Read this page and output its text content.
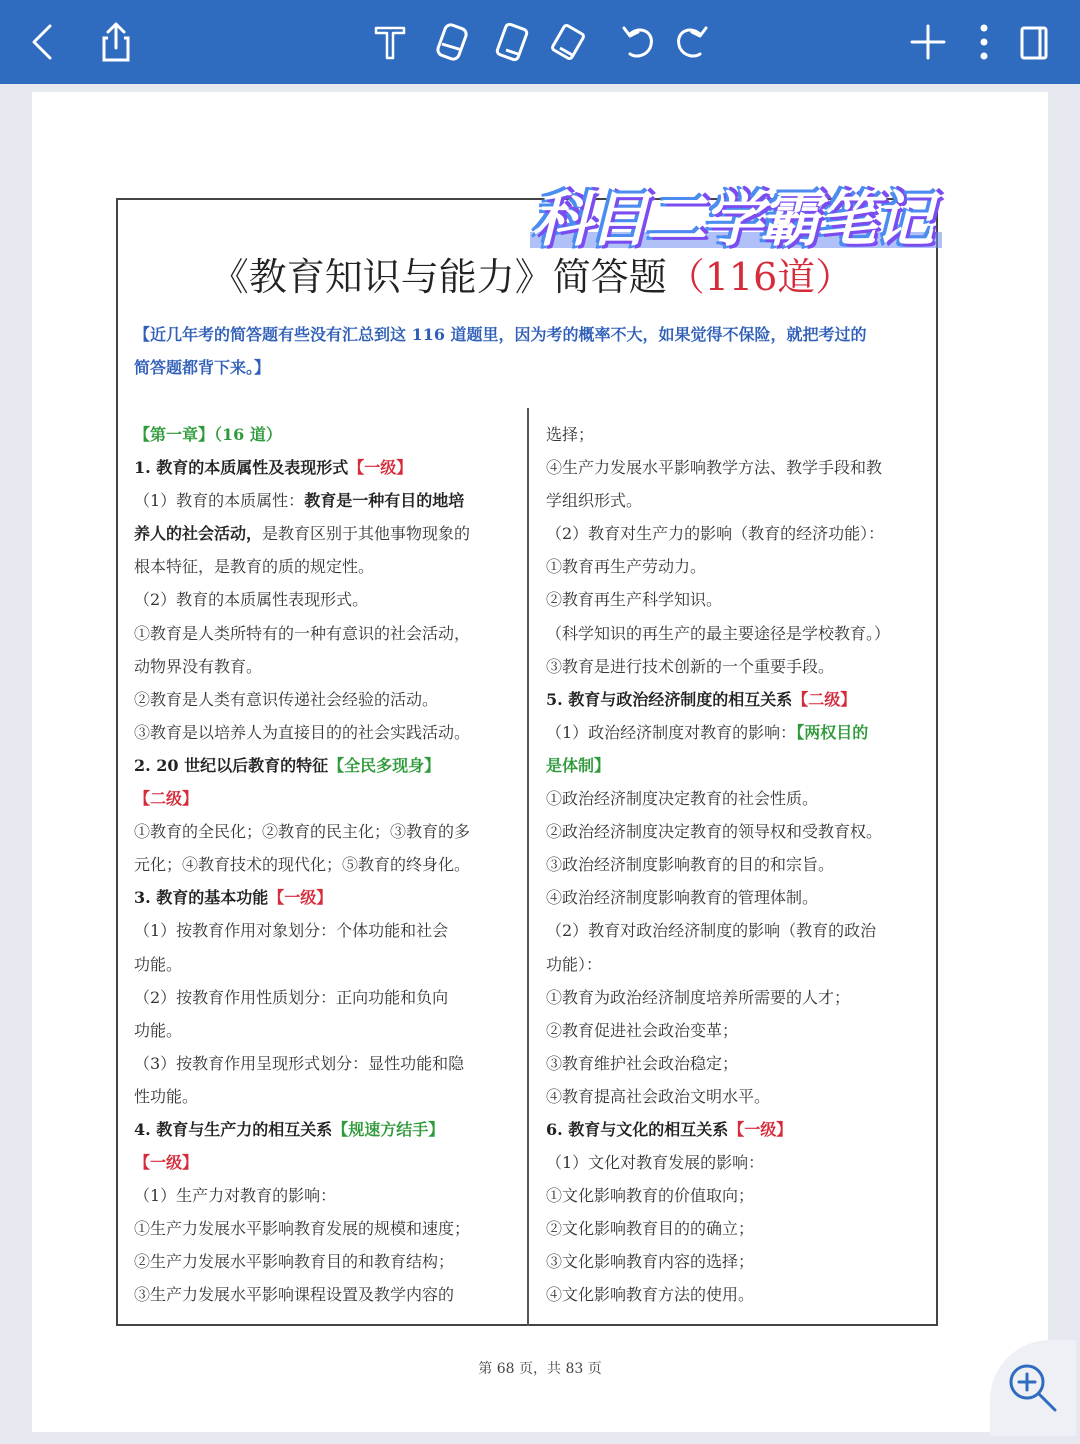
科目二学霸笔记
《教育知识与能力》简答题（116道）
【近几年考的简答题有些没有汇总到这 116 道题里，因为考的概率不大，如果觉得不保险，就把考过的
简答题都背下来。】
【第一章】（16 道）
1. 教育的本质属性及表现形式【一级】
（1）教育的本质属性：教育是一种有目的地培
养人的社会活动，是教育区别于其他事物现象的
根本特征，是教育的质的规定性。
（2）教育的本质属性表现形式。
①教育是人类所特有的一种有意识的社会活动，
动物界没有教育。
②教育是人类有意识传递社会经验的活动。
③教育是以培养人为直接目的的社会实践活动。
2. 20 世纪以后教育的特征【全民多现身】
【二级】
①教育的全民化；②教育的民主化；③教育的多
元化；④教育技术的现代化；⑤教育的终身化。
3. 教育的基本功能【一级】
（1）按教育作用对象划分：个体功能和社会
功能。
（2）按教育作用性质划分：正向功能和负向
功能。
（3）按教育作用呈现形式划分：显性功能和隐
性功能。
4. 教育与生产力的相互关系【规速方结手】
【一级】
（1）生产力对教育的影响：
①生产力发展水平影响教育发展的规模和速度；
②生产力发展水平影响教育目的和教育结构；
③生产力发展水平影响课程设置及教学内容的
选择；
④生产力发展水平影响教学方法、教学手段和教
学组织形式。
（2）教育对生产力的影响（教育的经济功能）：
①教育再生产劳动力。
②教育再生产科学知识。
（科学知识的再生产的最主要途径是学校教育。）
③教育是进行技术创新的一个重要手段。
5. 教育与政治经济制度的相互关系【二级】
（1）政治经济制度对教育的影响：【两权目的
是体制】
①政治经济制度决定教育的社会性质。
②政治经济制度决定教育的领导权和受教育权。
③政治经济制度影响教育的目的和宗旨。
④政治经济制度影响教育的管理体制。
（2）教育对政治经济制度的影响（教育的政治
功能）：
①教育为政治经济制度培养所需要的人才；
②教育促进社会政治变革；
③教育维护社会政治稳定；
④教育提高社会政治文明水平。
6. 教育与文化的相互关系【一级】
（1）文化对教育发展的影响：
①文化影响教育的价值取向；
②文化影响教育目的的确立；
③文化影响教育内容的选择；
④文化影响教育方法的使用。
第 68 页，共 83 页
